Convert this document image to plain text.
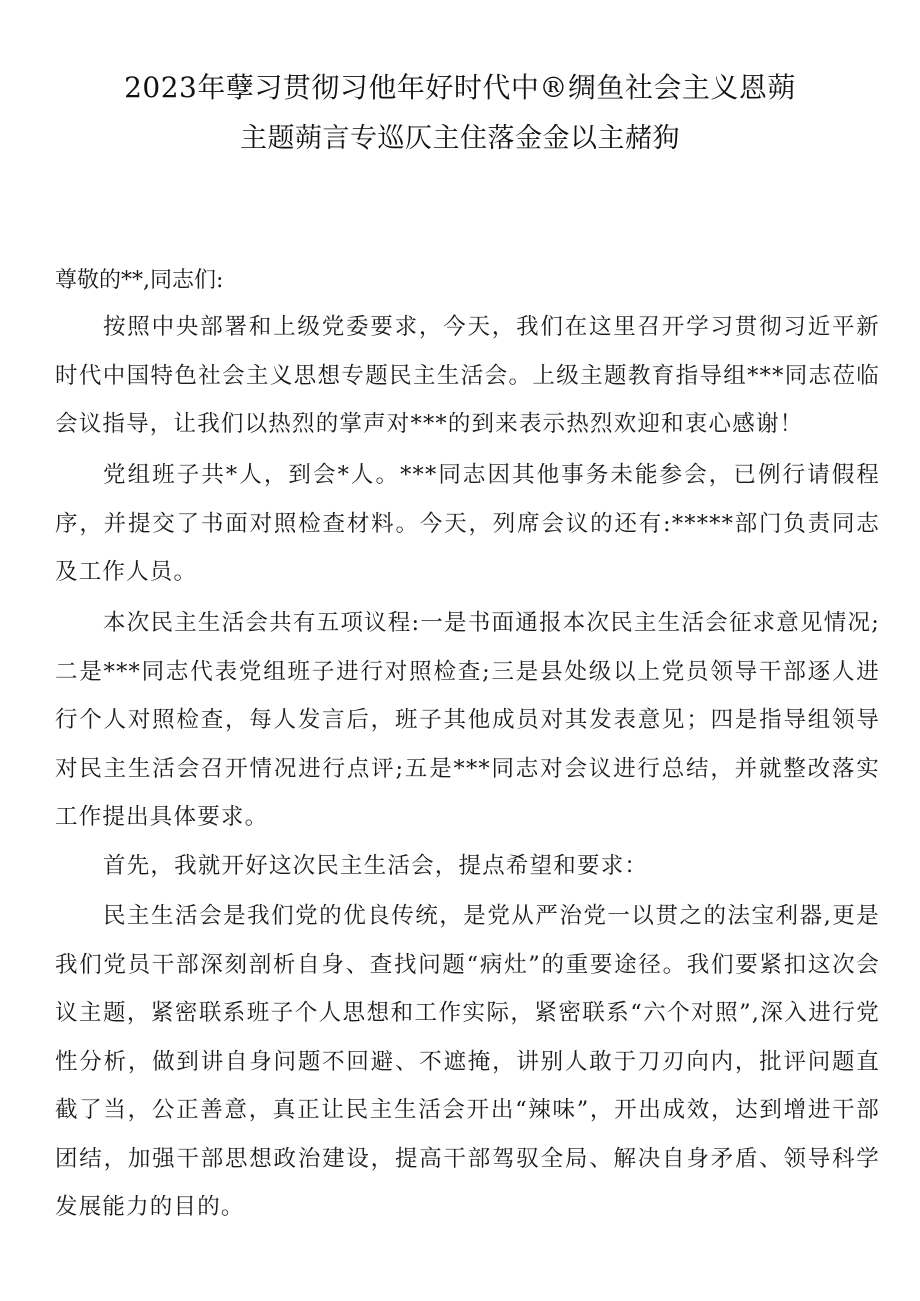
2023年孽习贯彻习他年好时代中®绸鱼社会主义恩蒴
主题蒴言专巡仄主住落金金以主赭狗
尊敬的**,同志们:

按照中央部署和上级党委要求，今天，我们在这里召开学习贯彻习近平新时代中国特色社会主义思想专题民主生活会。上级主题教育指导组***同志莅临会议指导，让我们以热烈的掌声对***的到来表示热烈欢迎和衷心感谢！

党组班子共*人，到会*人。***同志因其他事务未能参会，已例行请假程序，并提交了书面对照检查材料。今天，列席会议的还有:*****部门负责同志及工作人员。

本次民主生活会共有五项议程:一是书面通报本次民主生活会征求意见情况;二是***同志代表党组班子进行对照检查;三是县处级以上党员领导干部逐人进行个人对照检查，每人发言后，班子其他成员对其发表意见；四是指导组领导对民主生活会召开情况进行点评;五是***同志对会议进行总结，并就整改落实工作提出具体要求。

首先，我就开好这次民主生活会，提点希望和要求：

民主生活会是我们党的优良传统，是党从严治党一以贯之的法宝利器,更是我们党员干部深刻剖析自身、查找问题“病灶”的重要途径。我们要紧扣这次会议主题，紧密联系班子个人思想和工作实际，紧密联系“六个对照”,深入进行党性分析，做到讲自身问题不回避、不遮掩，讲别人敢于刀刃向内，批评问题直截了当，公正善意，真正让民主生活会开出“辣味”，开出成效，达到增进干部团结，加强干部思想政治建设，提高干部驾驭全局、解决自身矛盾、领导科学发展能力的目的。
